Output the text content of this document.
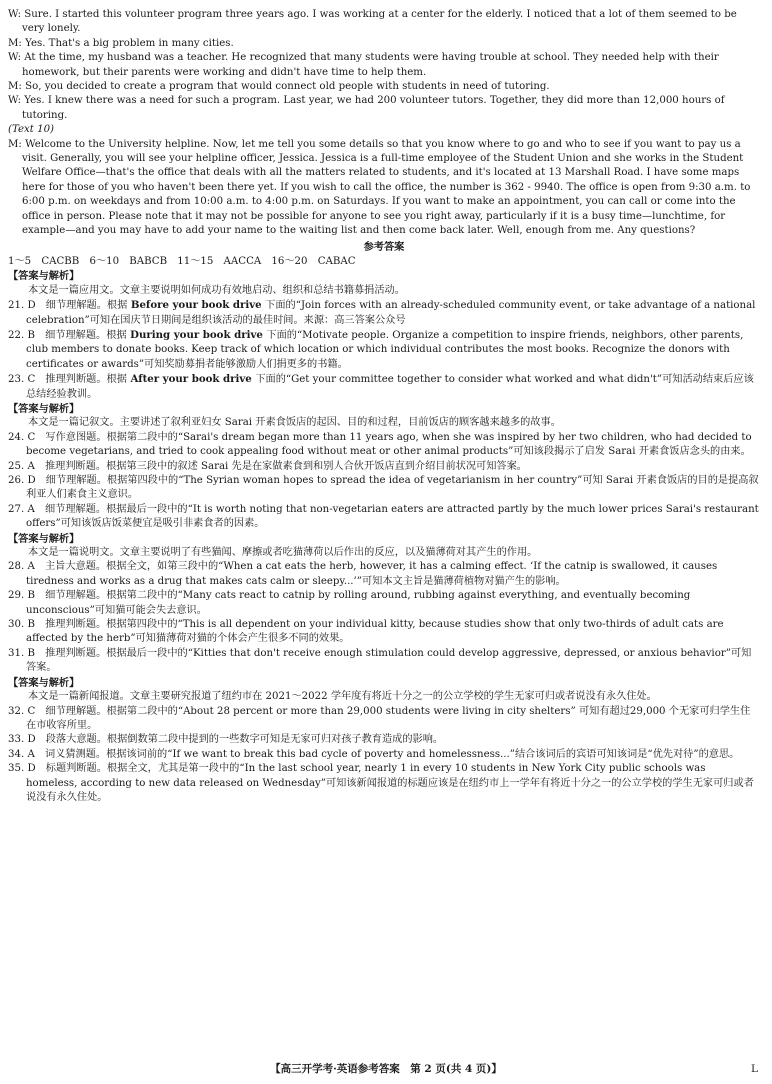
W: Sure. I started this volunteer program three years ago. I was working at a center for the elderly. I noticed that a lot of them seemed to be very lonely.

M: Yes. That's a big problem in many cities.

W: At the time, my husband was a teacher. He recognized that many students were having trouble at school. They needed help with their homework, but their parents were working and didn't have time to help them.

M: So, you decided to create a program that would connect old people with students in need of tutoring.

W: Yes. I knew there was a need for such a program. Last year, we had 200 volunteer tutors. Together, they did more than 12,000 hours of tutoring.

(Text 10)

M: Welcome to the University helpline. Now, let me tell you some details so that you know where to go and who to see if you want to pay us a visit. Generally, you will see your helpline officer, Jessica. Jessica is a full-time employee of the Student Union and she works in the Student Welfare Office—that's the office that deals with all the matters related to students, and it's located at 13 Marshall Road. I have some maps here for those of you who haven't been there yet. If you wish to call the office, the number is 362 - 9940. The office is open from 9:30 a.m. to 6:00 p.m. on weekdays and from 10:00 a.m. to 4:00 p.m. on Saturdays. If you want to make an appointment, you can call or come into the office in person. Please note that it may not be possible for anyone to see you right away, particularly if it is a busy time—lunchtime, for example—and you may have to add your name to the waiting list and then come back later. Well, enough from me. Any questions?

参考答案

1～5　CACBB　6～10　BABCB　11～15　AACCA　16～20　CABAC

【答案与解析】

本文是一篇应用文。文章主要说明如何成功有效地启动、组织和总结书籍募捐活动。

21. D　细节理解题。根据 Before your book drive 下面的“Join forces with an already-scheduled community event, or take advantage of a national celebration”可知在国庆节日期间是组织该活动的最佳时间。来源：高三答案公众号

22. B　细节理解题。根据 During your book drive 下面的“Motivate people. Organize a competition to inspire friends, neighbors, other parents, club members to donate books. Keep track of which location or which individual contributes the most books. Recognize the donors with certificates or awards”可知奖励募捐者能够激励人们捐更多的书籍。

23. C　推理判断题。根据 After your book drive 下面的“Get your committee together to consider what worked and what didn't”可知活动结束后应该总结经验教训。

【答案与解析】

本文是一篇记叙文。主要讲述了叙利亚妇女 Sarai 开素食饭店的起因、目的和过程，目前饭店的顾客越来越多的故事。

24. C　写作意图题。根据第二段中的“Sarai's dream began more than 11 years ago, when she was inspired by her two children, who had decided to become vegetarians, and tried to cook appealing food without meat or other animal products”可知该段揭示了启发 Sarai 开素食饭店念头的由来。

25. A　推理判断题。根据第三段中的叙述 Sarai 先是在家做素食到和别人合伙开饭店直到介绍目前状况可知答案。

26. D　细节理解题。根据第四段中的“The Syrian woman hopes to spread the idea of vegetarianism in her country”可知 Sarai 开素食饭店的目的是提高叙利亚人们素食主义意识。

27. A　细节理解题。根据最后一段中的“It is worth noting that non-vegetarian eaters are attracted partly by the much lower prices Sarai's restaurant offers”可知该饭店饭菜便宜是吸引非素食者的因素。

【答案与解析】

本文是一篇说明文。文章主要说明了有些猫闻、摩擦或者吃猫薄荷以后作出的反应，以及猫薄荷对其产生的作用。

28. A　主旨大意题。根据全文，如第三段中的“When a cat eats the herb, however, it has a calming effect. ‘If the catnip is swallowed, it causes tiredness and works as a drug that makes cats calm or sleepy...’”可知本文主旨是猫薄荷植物对猫产生的影响。

29. B　细节理解题。根据第二段中的“Many cats react to catnip by rolling around, rubbing against everything, and eventually becoming unconscious”可知猫可能会失去意识。

30. B　推理判断题。根据第四段中的“This is all dependent on your individual kitty, because studies show that only two-thirds of adult cats are affected by the herb”可知猫薄荷对猫的个体会产生很多不同的效果。

31. B　推理判断题。根据最后一段中的“Kitties that don't receive enough stimulation could develop aggressive, depressed, or anxious behavior”可知答案。

【答案与解析】

本文是一篇新闻报道。文章主要研究报道了纽约市在 2021～2022 学年度有将近十分之一的公立学校的学生无家可归或者说没有永久住处。

32. C　细节理解题。根据第二段中的“About 28 percent or more than 29,000 students were living in city shelters” 可知有超过29,000 个无家可归学生住在市收容所里。

33. D　段落大意题。根据倒数第二段中提到的一些数字可知是无家可归对孩子教育造成的影响。

34. A　词义猜测题。根据该词前的“If we want to break this bad cycle of poverty and homelessness...”结合该词后的宾语可知该词是“优先对待”的意思。

35. D　标题判断题。根据全文，尤其是第一段中的“In the last school year, nearly 1 in every 10 students in New York City public schools was homeless, according to new data released on Wednesday”可知该新闻报道的标题应该是在纽约市上一学年有将近十分之一的公立学校的学生无家可归或者说没有永久住处。

【高三开学考·英语参考答案　第 2 页(共 4 页)】	L
